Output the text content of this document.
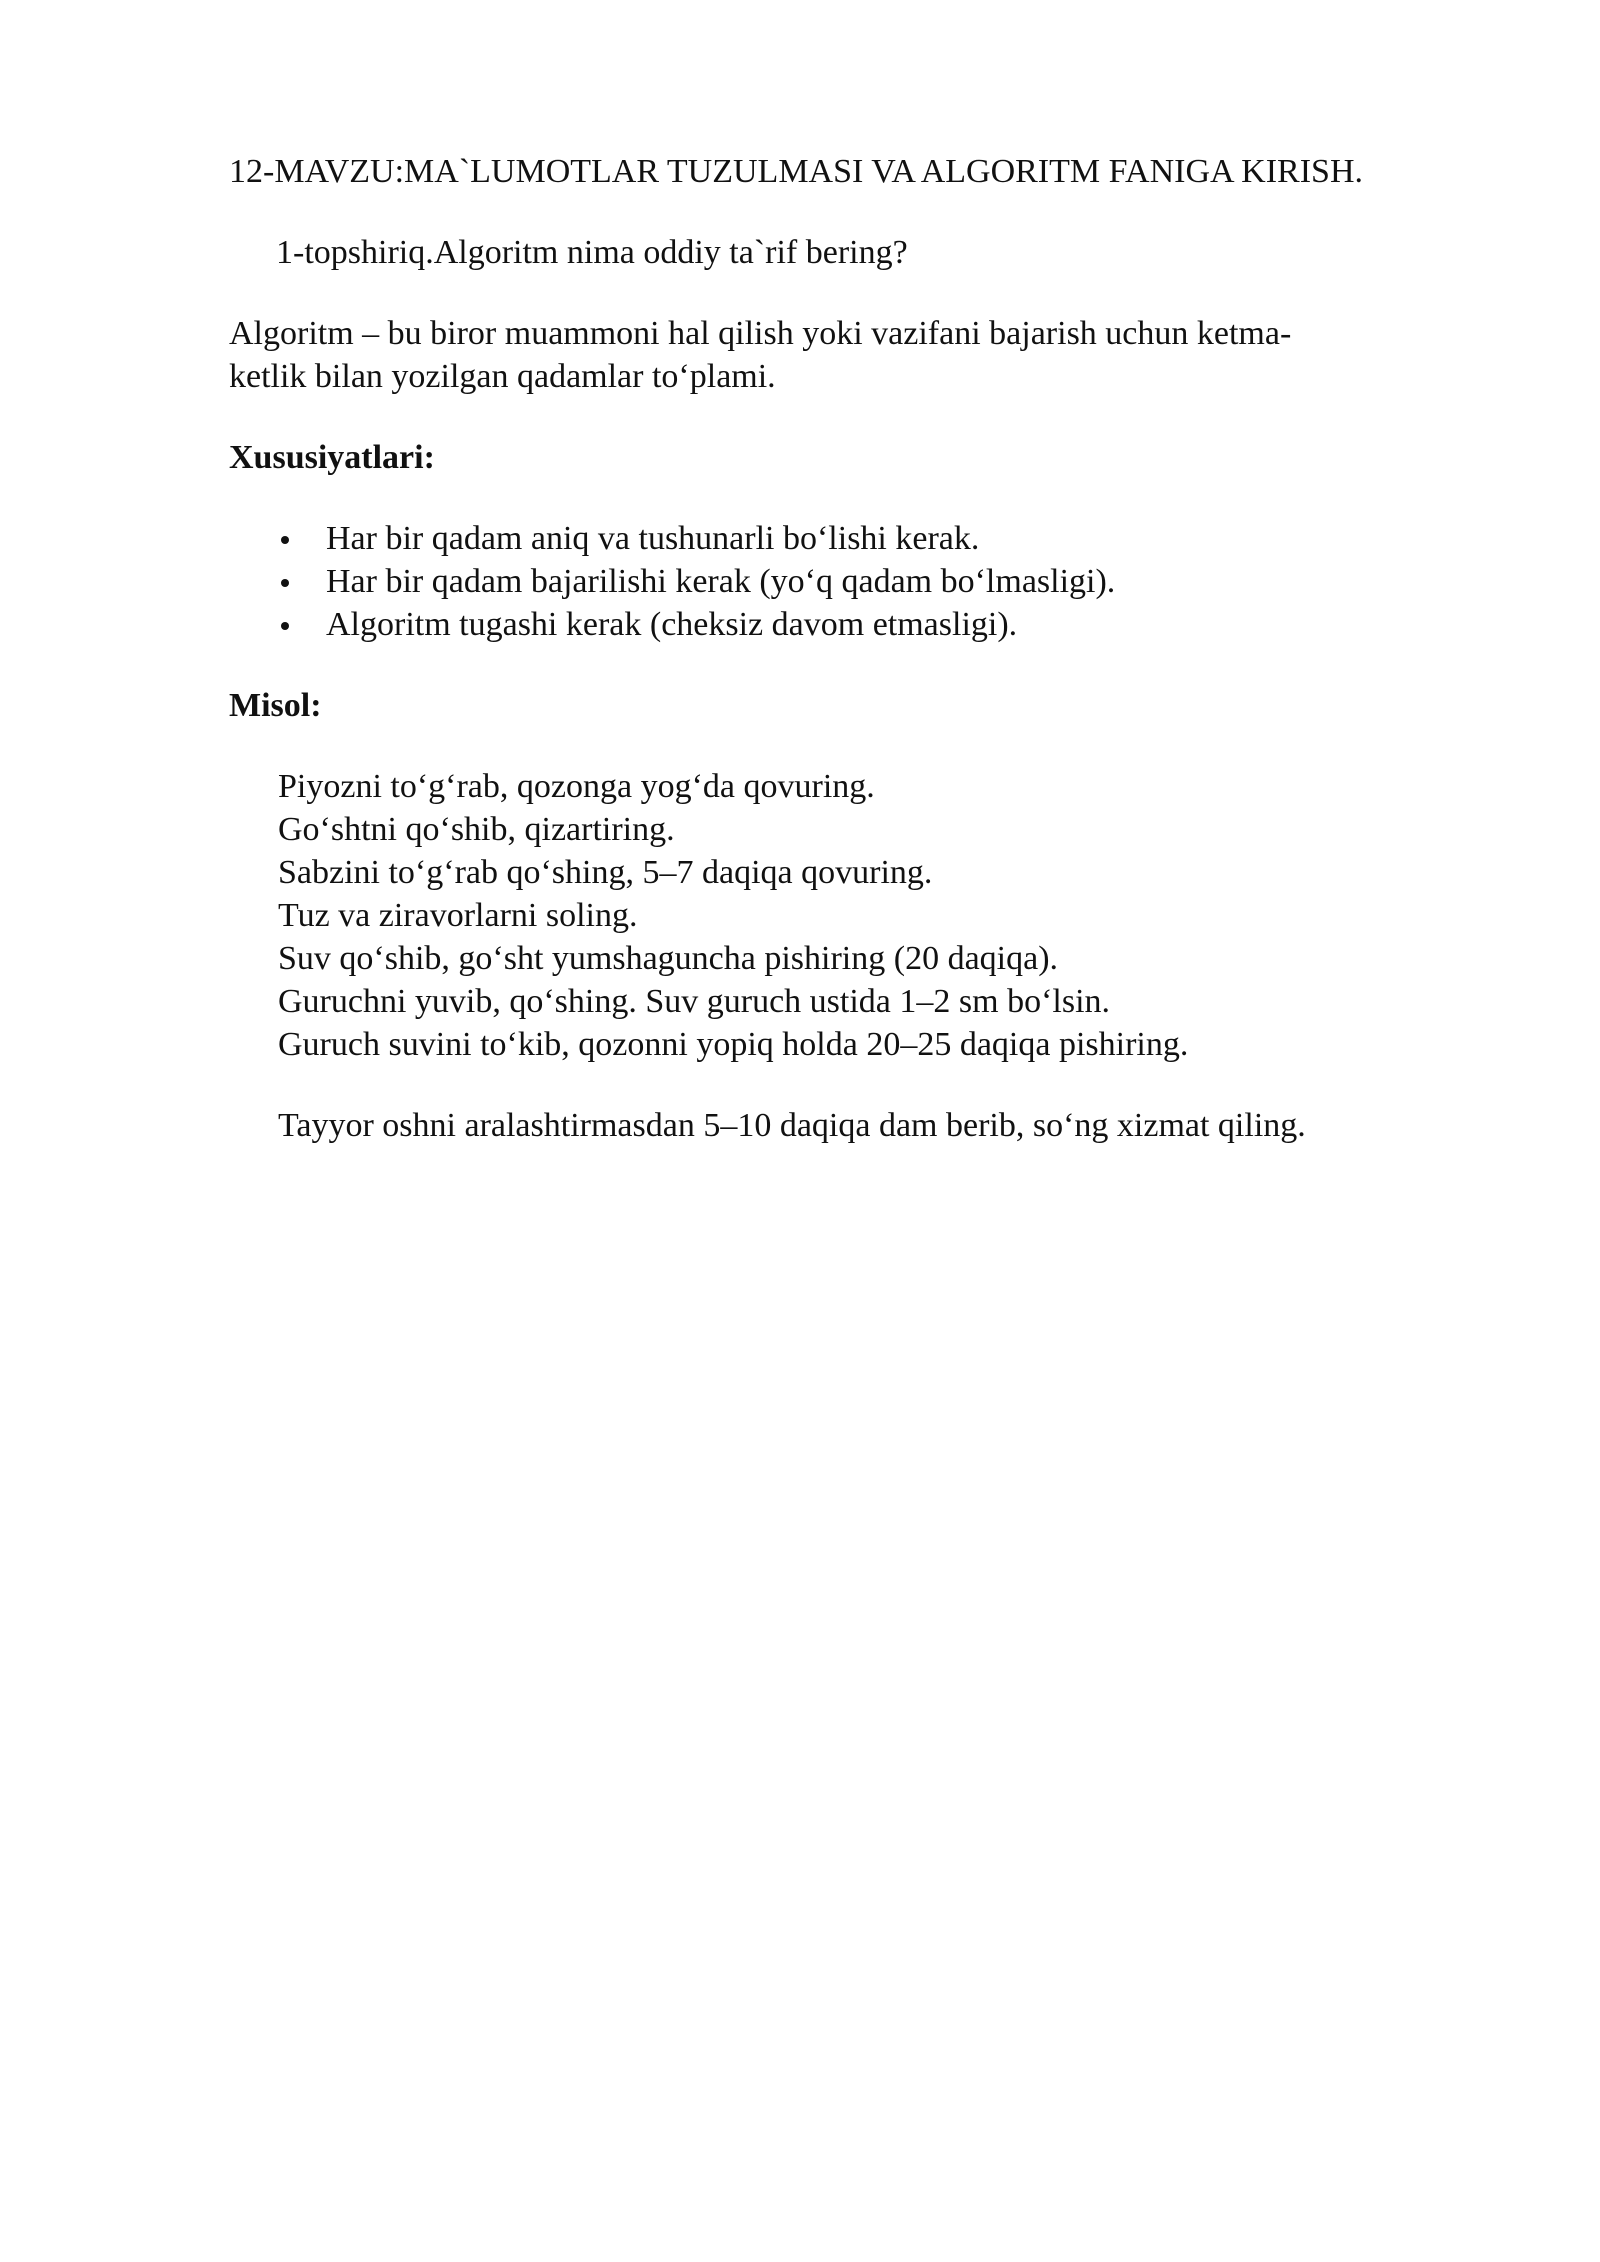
12-MAVZU:MA`LUMOTLAR TUZULMASI VA ALGORITM FANIGA KIRISH.

1-topshiriq.Algoritm nima oddiy ta`rif bering?

Algoritm – bu biror muammoni hal qilish yoki vazifani bajarish uchun ketma-
ketlik bilan yozilgan qadamlar to‘plami.

Xususiyatlari:

Har bir qadam aniq va tushunarli bo‘lishi kerak.
Har bir qadam bajarilishi kerak (yo‘q qadam bo‘lmasligi).
Algoritm tugashi kerak (cheksiz davom etmasligi).

Misol:

Piyozni to‘g‘rab, qozonga yog‘da qovuring.
Go‘shtni qo‘shib, qizartiring.
Sabzini to‘g‘rab qo‘shing, 5–7 daqiqa qovuring.
Tuz va ziravorlarni soling.
Suv qo‘shib, go‘sht yumshaguncha pishiring (20 daqiqa).
Guruchni yuvib, qo‘shing. Suv guruch ustida 1–2 sm bo‘lsin.
Guruch suvini to‘kib, qozonni yopiq holda 20–25 daqiqa pishiring.

Tayyor oshni aralashtirmasdan 5–10 daqiqa dam berib, so‘ng xizmat qiling.
